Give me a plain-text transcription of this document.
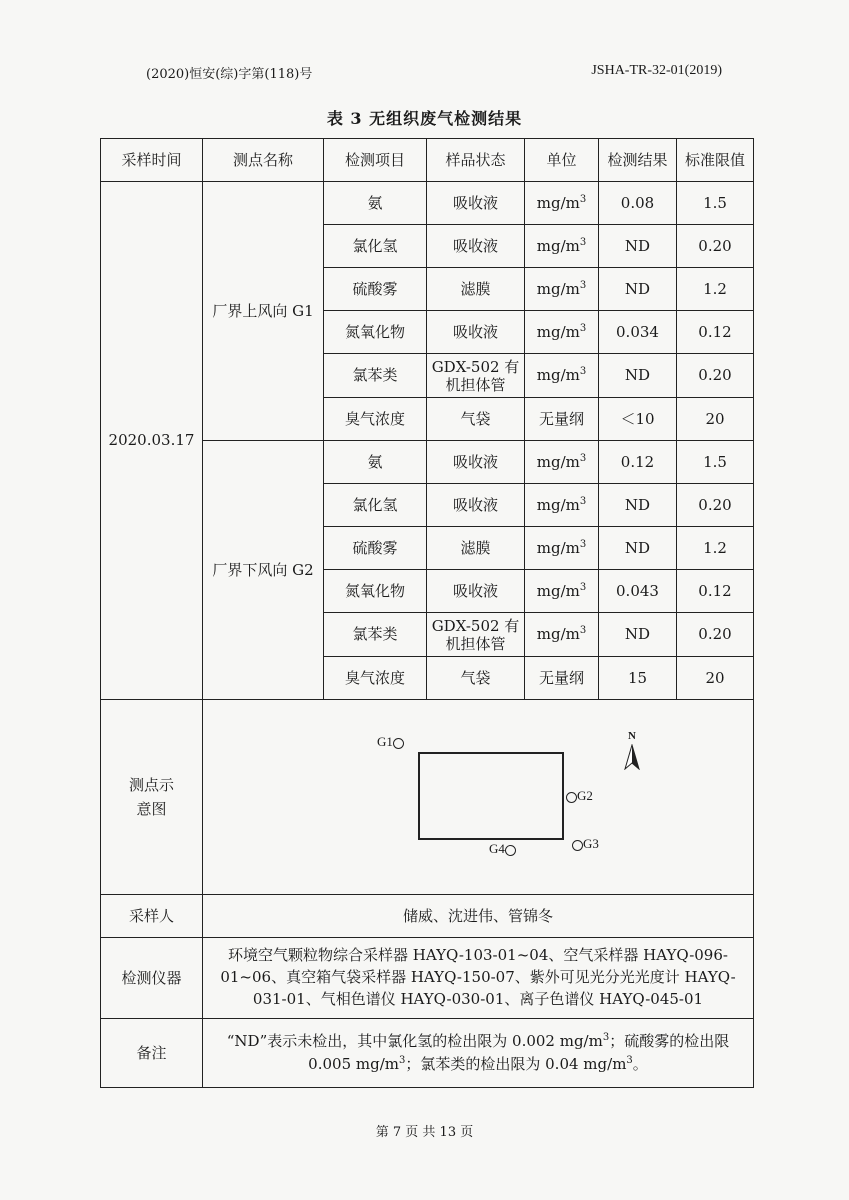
(2020)恒安(综)字第(118)号	JSHA-TR-32-01(2019)
表 3 无组织废气检测结果
采样时间	测点名称	检测项目	样品状态	单位	检测结果	标准限值
2020.03.17	厂界上风向 G1	氨	吸收液	$mg/m^3$	0.08	1.5
		氯化氢	吸收液	$mg/m^3$	ND	0.20
		硫酸雾	滤膜	$mg/m^3$	ND	1.2
		氮氧化物	吸收液	$mg/m^3$	0.034	0.12
		氯苯类	GDX-502 有机担体管	$mg/m^3$	ND	0.20
		臭气浓度	气袋	无量纲	＜10	20
	厂界下风向 G2	氨	吸收液	$mg/m^3$	0.12	1.5
		氯化氢	吸收液	$mg/m^3$	ND	0.20
		硫酸雾	滤膜	$mg/m^3$	ND	1.2
		氮氧化物	吸收液	$mg/m^3$	0.043	0.12
		氯苯类	GDX-502 有机担体管	$mg/m^3$	ND	0.20
		臭气浓度	气袋	无量纲	15	20
测点示意图	G1
G2
G3
G4
N					

采样人	储威、沈进伟、管锦冬					
检测仪器	环境空气颗粒物综合采样器 HAYQ-103-01~04、空气采样器 HAYQ-096-01~06、真空箱气袋采样器 HAYQ-150-07、紫外可见光分光光度计 HAYQ-031-01、气相色谱仪 HAYQ-030-01、离子色谱仪 HAYQ-045-01					
备注	“ND”表示未检出，其中氯化氢的检出限为 0.002 $mg/m^3$；硫酸雾的检出限 0.005 $mg/m^3$；氯苯类的检出限为 0.04 $mg/m^3$。					
第 7 页 共 13 页
